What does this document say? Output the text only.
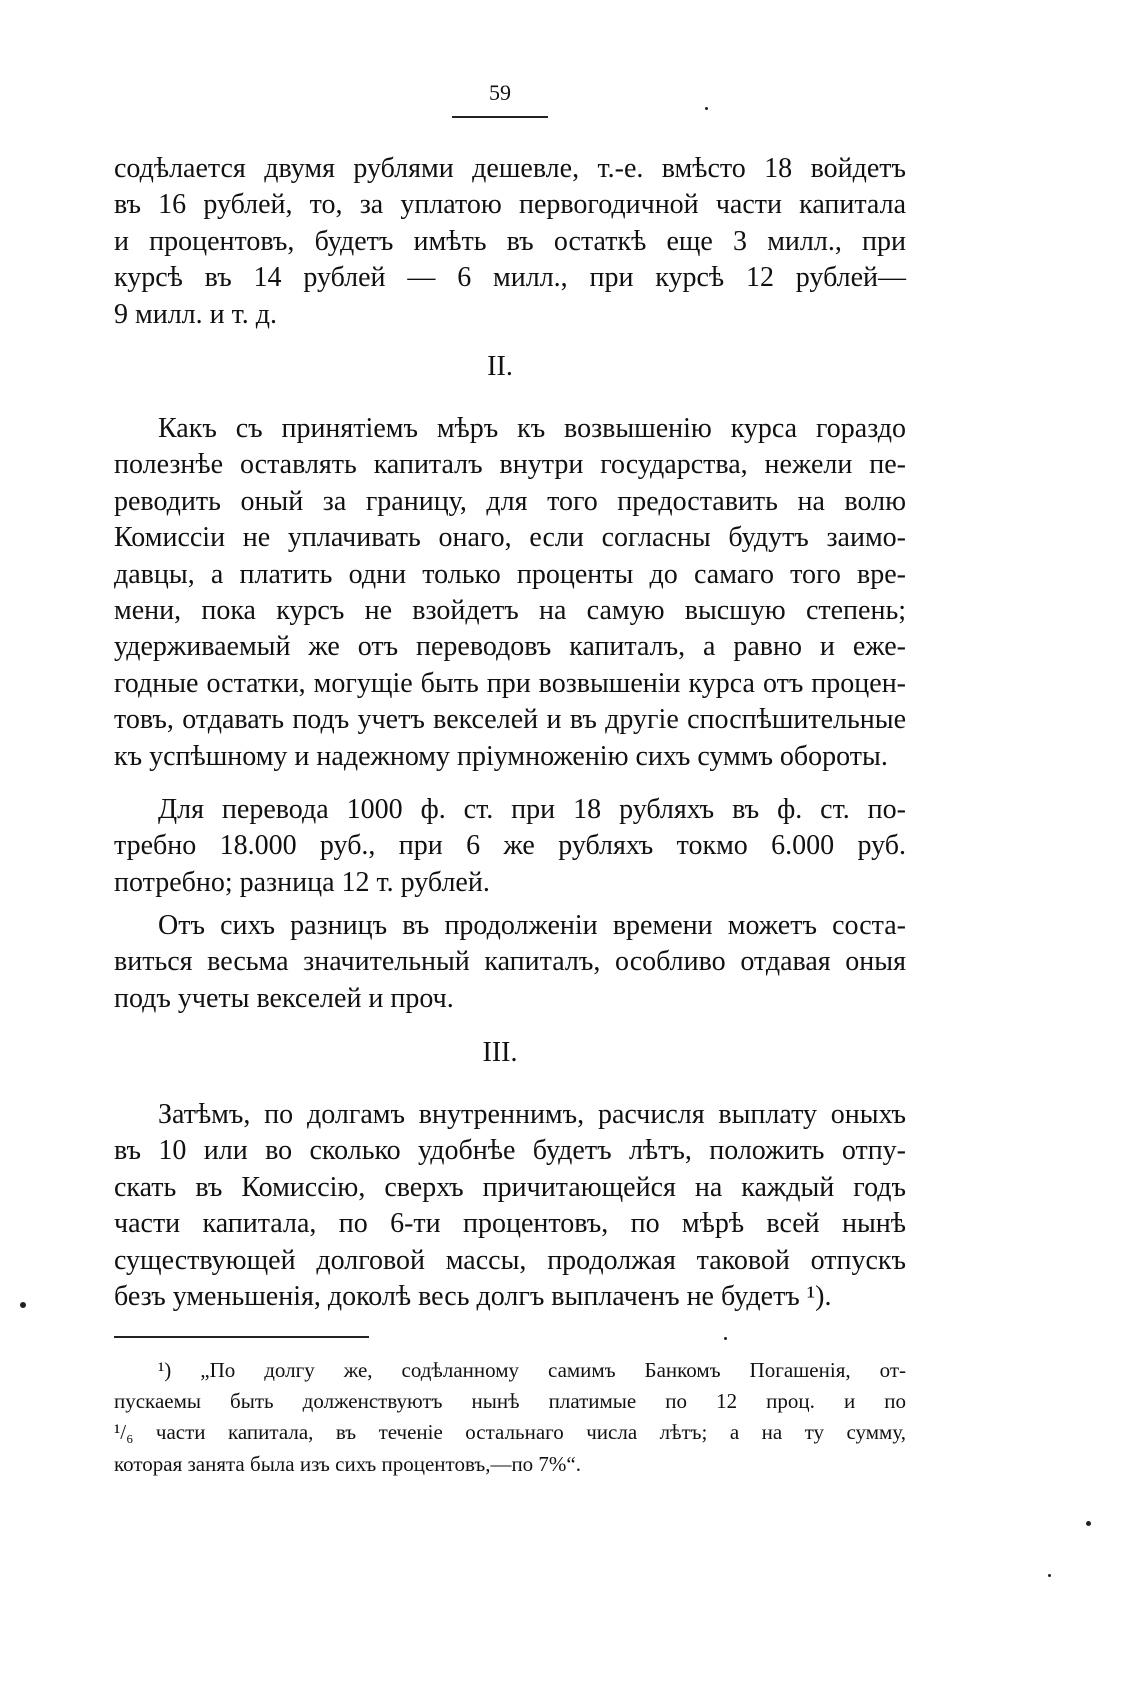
59
содѣлается двумя рублями дешевле, т.-е. вмѣсто 18 войдетъ
въ 16 рублей, то, за уплатою первогодичной части капитала
и процентовъ, будетъ имѣть въ остаткѣ еще 3 милл., при
курсѣ въ 14 рублей — 6 милл., при курсѣ 12 рублей—
9 милл. и т. д.
II.
Какъ съ принятіемъ мѣръ къ возвышенію курса гораздо
полезнѣе оставлять капиталъ внутри государства, нежели пе-
реводить оный за границу, для того предоставить на волю
Комиссіи не уплачивать онаго, если согласны будутъ заимо-
давцы, а платить одни только проценты до самаго того вре-
мени, пока курсъ не взойдетъ на самую высшую степень;
удерживаемый же отъ переводовъ капиталъ, а равно и еже-
годные остатки, могущіе быть при возвышеніи курса отъ процен-
товъ, отдавать подъ учетъ векселей и въ другіе споспѣшительные
къ успѣшному и надежному пріумноженію сихъ суммъ обороты.
Для перевода 1000 ф. ст. при 18 рубляхъ въ ф. ст. по-
требно 18.000 руб., при 6 же рубляхъ токмо 6.000 руб.
потребно; разница 12 т. рублей.
Отъ сихъ разницъ въ продолженіи времени можетъ соста-
виться весьма значительный капиталъ, особливо отдавая оныя
подъ учеты векселей и проч.
III.
Затѣмъ, по долгамъ внутреннимъ, расчисля выплату оныхъ
въ 10 или во сколько удобнѣе будетъ лѣтъ, положить отпу-
скать въ Комиссію, сверхъ причитающейся на каждый годъ
части капитала, по 6-ти процентовъ, по мѣрѣ всей нынѣ
существующей долговой массы, продолжая таковой отпускъ
безъ уменьшенія, доколѣ весь долгъ выплаченъ не будетъ ¹).
¹) „По долгу же, содѣланному самимъ Банкомъ Погашенія, от-
пускаемы быть долженствуютъ нынѣ платимые по 12 проц. и по
¹/₆ части капитала, въ теченіе остальнаго числа лѣтъ; а на ту сумму,
которая занята была изъ сихъ процентовъ,—по 7%“.
